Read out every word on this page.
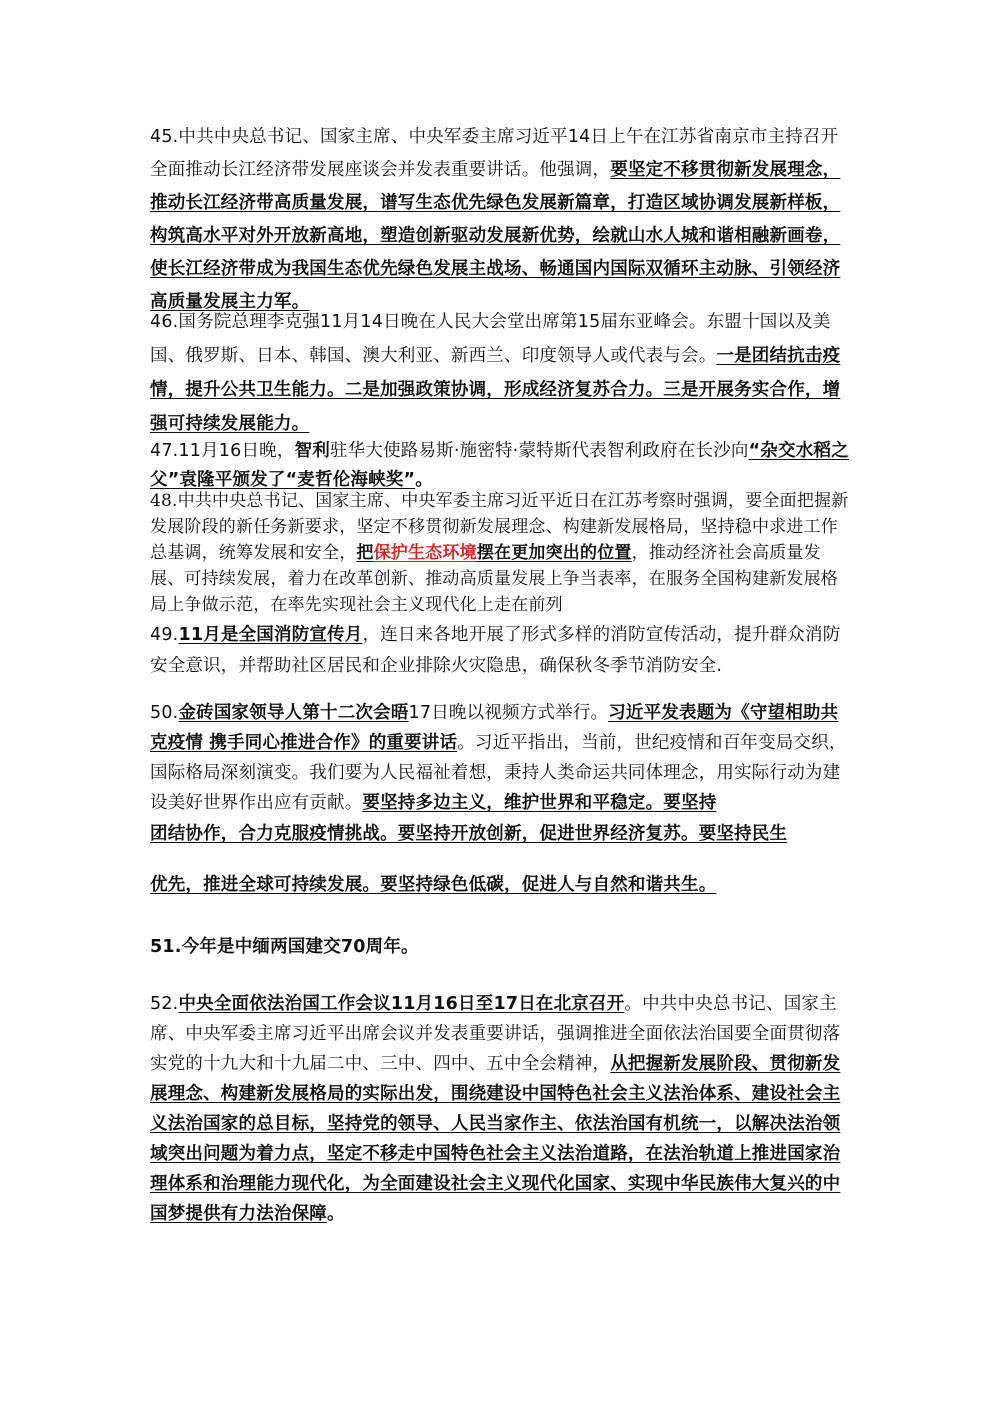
45.中共中央总书记、国家主席、中央军委主席习近平14日上午在江苏省南京市主持召开全面推动长江经济带发展座谈会并发表重要讲话。他强调，要坚定不移贯彻新发展理念，推动长江经济带高质量发展，谱写生态优先绿色发展新篇章，打造区域协调发展新样板，构筑高水平对外开放新高地，塑造创新驱动发展新优势，绘就山水人城和谐相融新画卷，使长江经济带成为我国生态优先绿色发展主战场、畅通国内国际双循环主动脉、引领经济高质量发展主力军。

46.国务院总理李克强11月14日晚在人民大会堂出席第15届东亚峰会。东盟十国以及美国、俄罗斯、日本、韩国、澳大利亚、新西兰、印度领导人或代表与会。一是团结抗击疫情，提升公共卫生能力。二是加强政策协调，形成经济复苏合力。三是开展务实合作，增强可持续发展能力。

47.11月16日晚，智利驻华大使路易斯·施密特·蒙特斯代表智利政府在长沙向“杂交水稻之父”袁隆平颁发了“麦哲伦海峡奖”。

48.中共中央总书记、国家主席、中央军委主席习近平近日在江苏考察时强调，要全面把握新发展阶段的新任务新要求，坚定不移贯彻新发展理念、构建新发展格局，坚持稳中求进工作总基调，统筹发展和安全，把保护生态环境摆在更加突出的位置，推动经济社会高质量发展、可持续发展，着力在改革创新、推动高质量发展上争当表率，在服务全国构建新发展格局上争做示范，在率先实现社会主义现代化上走在前列

49.11月是全国消防宣传月，连日来各地开展了形式多样的消防宣传活动，提升群众消防安全意识，并帮助社区居民和企业排除火灾隐患，确保秋冬季节消防安全.

50.金砖国家领导人第十二次会晤17日晚以视频方式举行。习近平发表题为《守望相助共克疫情 携手同心推进合作》的重要讲话。习近平指出，当前，世纪疫情和百年变局交织，国际格局深刻演变。我们要为人民福祉着想，秉持人类命运共同体理念，用实际行动为建设美好世界作出应有贡献。要坚持多边主义，维护世界和平稳定。要坚持

团结协作，合力克服疫情挑战。要坚持开放创新，促进世界经济复苏。要坚持民生

优先，推进全球可持续发展。要坚持绿色低碳，促进人与自然和谐共生。

51.今年是中缅两国建交70周年。

52.中央全面依法治国工作会议11月16日至17日在北京召开。中共中央总书记、国家主席、中央军委主席习近平出席会议并发表重要讲话，强调推进全面依法治国要全面贯彻落实党的十九大和十九届二中、三中、四中、五中全会精神，从把握新发展阶段、贯彻新发展理念、构建新发展格局的实际出发，围绕建设中国特色社会主义法治体系、建设社会主义法治国家的总目标，坚持党的领导、人民当家作主、依法治国有机统一，以解决法治领域突出问题为着力点，坚定不移走中国特色社会主义法治道路，在法治轨道上推进国家治理体系和治理能力现代化，为全面建设社会主义现代化国家、实现中华民族伟大复兴的中国梦提供有力法治保障。
